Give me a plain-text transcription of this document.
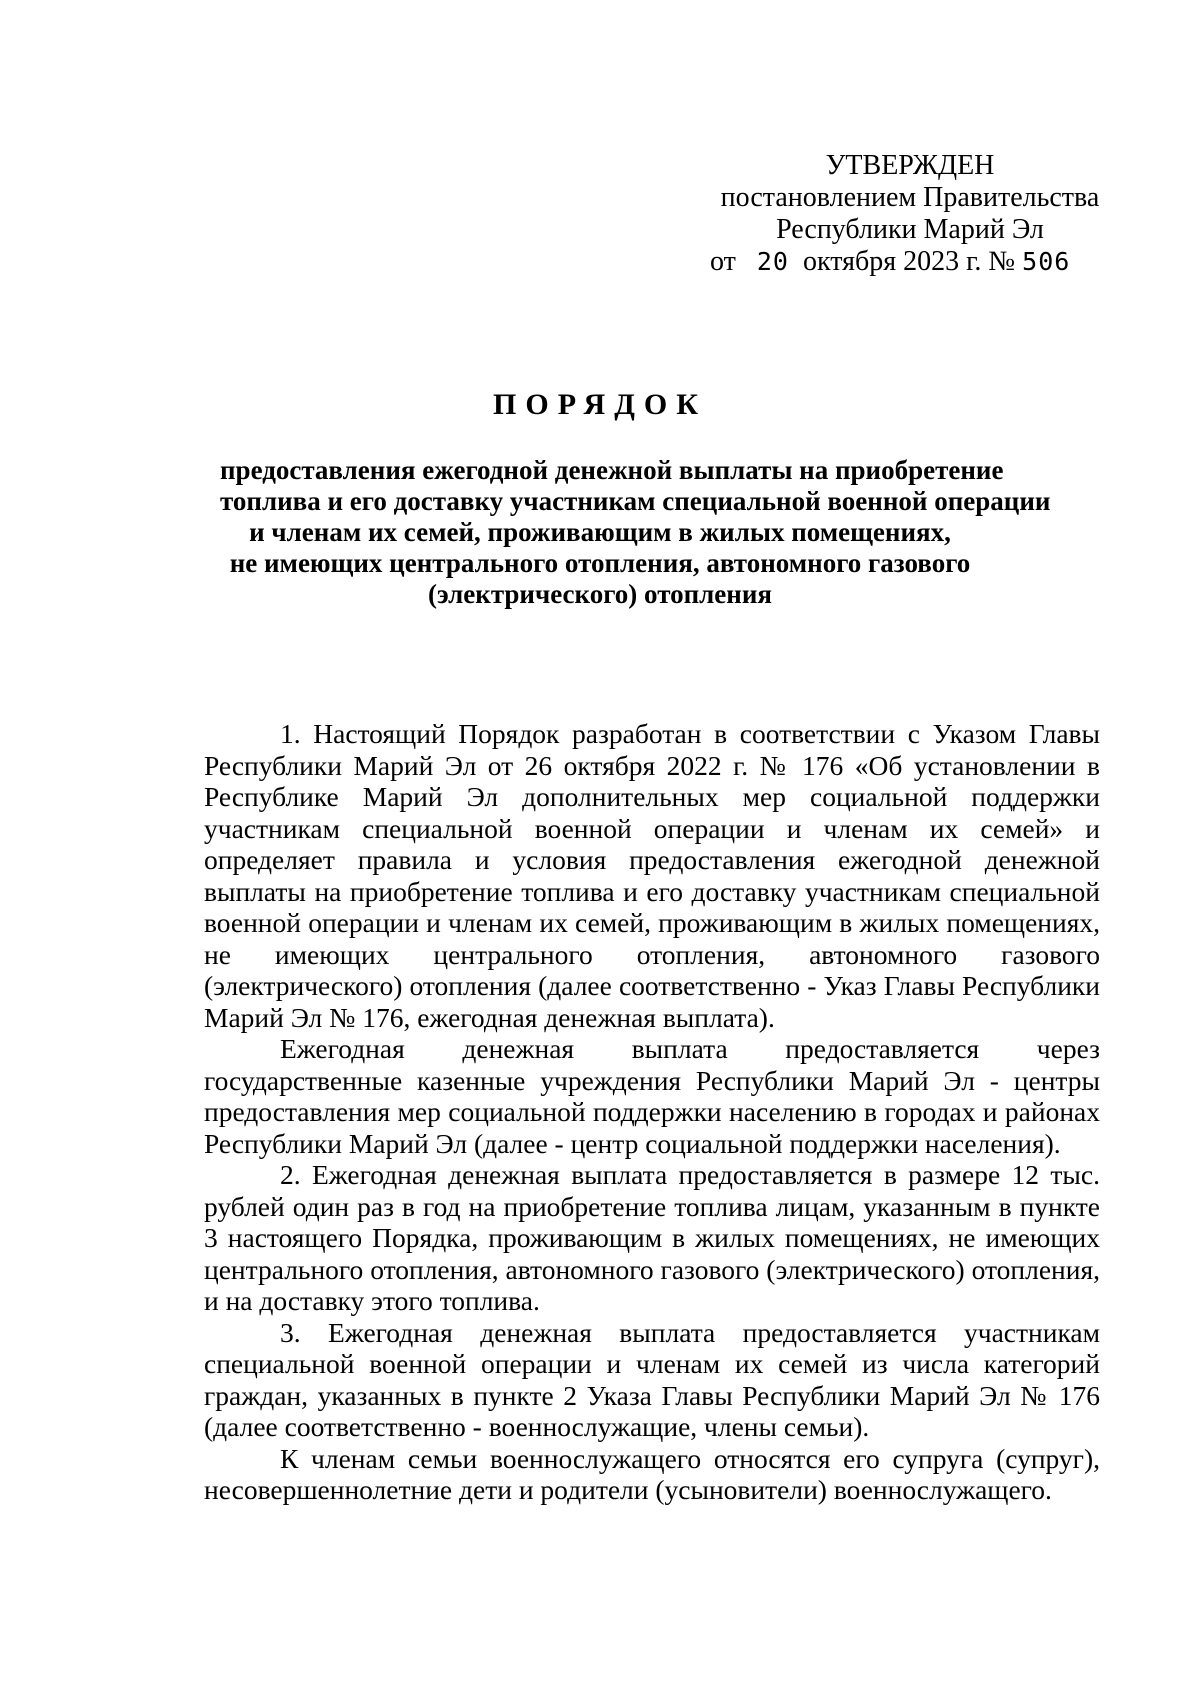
УТВЕРЖДЕН
постановлением Правительства
Республики Марий Эл
от 20 октября 2023 г. № 506
ПОРЯДОК
предоставления ежегодной денежной выплаты на приобретение
топлива и его доставку участникам специальной военной операции
и членам их семей, проживающим в жилых помещениях,
не имеющих центрального отопления, автономного газового
(электрического) отопления

1. Настоящий Порядок разработан в соответствии с Указом Главы Республики Марий Эл от 26 октября 2022 г. № 176 «Об установлении в Республике Марий Эл дополнительных мер социальной поддержки участникам специальной военной операции и членам их семей» и определяет правила и условия предоставления ежегодной денежной выплаты на приобретение топлива и его доставку участникам специальной военной операции и членам их семей, проживающим в жилых помещениях, не имеющих центрального отопления, автономного газового (электрического) отопления (далее соответственно - Указ Главы Республики Марий Эл № 176, ежегодная денежная выплата).

Ежегодная денежная выплата предоставляется через государственные казенные учреждения Республики Марий Эл - центры предоставления мер социальной поддержки населению в городах и районах Республики Марий Эл (далее - центр социальной поддержки населения).

2. Ежегодная денежная выплата предоставляется в размере 12 тыс. рублей один раз в год на приобретение топлива лицам, указанным в пункте 3 настоящего Порядка, проживающим в жилых помещениях, не имеющих центрального отопления, автономного газового (электрического) отопления, и на доставку этого топлива.

3. Ежегодная денежная выплата предоставляется участникам специальной военной операции и членам их семей из числа категорий граждан, указанных в пункте 2 Указа Главы Республики Марий Эл № 176 (далее соответственно - военнослужащие, члены семьи).

К членам семьи военнослужащего относятся его супруга (супруг), несовершеннолетние дети и родители (усыновители) военнослужащего.
